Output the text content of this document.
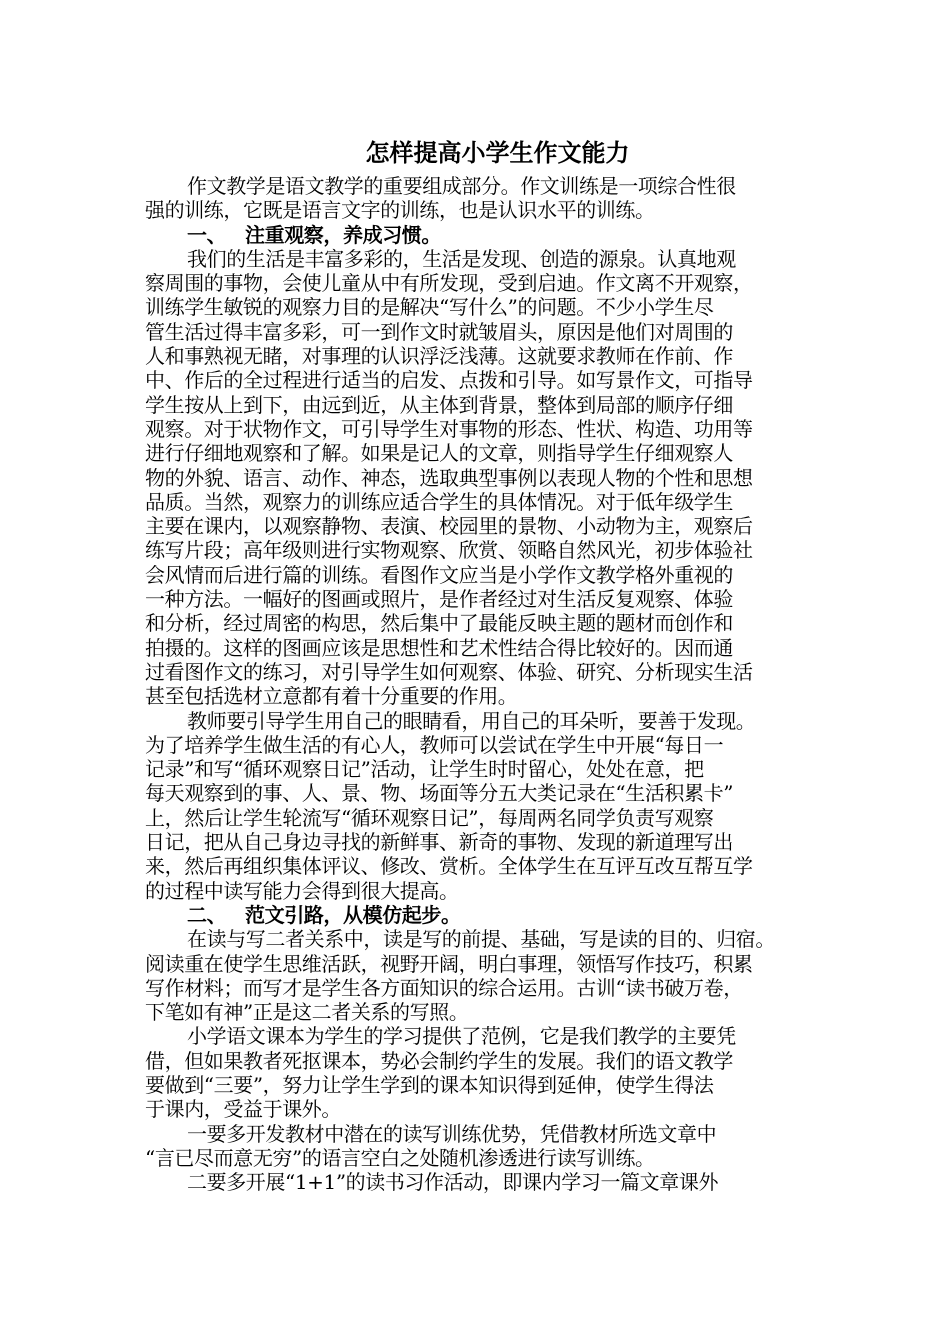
怎样提高小学生作文能力
作文教学是语文教学的重要组成部分。作文训练是一项综合性很
强的训练，它既是语言文字的训练，也是认识水平的训练。
一、 注重观察，养成习惯。
我们的生活是丰富多彩的，生活是发现、创造的源泉。认真地观
察周围的事物，会使儿童从中有所发现，受到启迪。作文离不开观察，
训练学生敏锐的观察力目的是解决“写什么”的问题。不少小学生尽
管生活过得丰富多彩，可一到作文时就皱眉头，原因是他们对周围的
人和事熟视无睹，对事理的认识浮泛浅薄。这就要求教师在作前、作
中、作后的全过程进行适当的启发、点拨和引导。如写景作文，可指导
学生按从上到下，由远到近，从主体到背景，整体到局部的顺序仔细
观察。对于状物作文，可引导学生对事物的形态、性状、构造、功用等
进行仔细地观察和了解。如果是记人的文章，则指导学生仔细观察人
物的外貌、语言、动作、神态，选取典型事例以表现人物的个性和思想
品质。当然，观察力的训练应适合学生的具体情况。对于低年级学生
主要在课内，以观察静物、表演、校园里的景物、小动物为主，观察后
练写片段；高年级则进行实物观察、欣赏、领略自然风光，初步体验社
会风情而后进行篇的训练。看图作文应当是小学作文教学格外重视的
一种方法。一幅好的图画或照片，是作者经过对生活反复观察、体验
和分析，经过周密的构思，然后集中了最能反映主题的题材而创作和
拍摄的。这样的图画应该是思想性和艺术性结合得比较好的。因而通
过看图作文的练习，对引导学生如何观察、体验、研究、分析现实生活
甚至包括选材立意都有着十分重要的作用。
教师要引导学生用自己的眼睛看，用自己的耳朵听，要善于发现。
为了培养学生做生活的有心人，教师可以尝试在学生中开展“每日一
记录”和写“循环观察日记”活动，让学生时时留心，处处在意，把
每天观察到的事、人、景、物、场面等分五大类记录在“生活积累卡”
上，然后让学生轮流写“循环观察日记”，每周两名同学负责写观察
日记，把从自己身边寻找的新鲜事、新奇的事物、发现的新道理写出
来，然后再组织集体评议、修改、赏析。全体学生在互评互改互帮互学
的过程中读写能力会得到很大提高。
二、 范文引路，从模仿起步。
在读与写二者关系中，读是写的前提、基础，写是读的目的、归宿。
阅读重在使学生思维活跃，视野开阔，明白事理，领悟写作技巧，积累
写作材料；而写才是学生各方面知识的综合运用。古训“读书破万卷，
下笔如有神”正是这二者关系的写照。
小学语文课本为学生的学习提供了范例，它是我们教学的主要凭
借，但如果教者死抠课本，势必会制约学生的发展。我们的语文教学
要做到“三要”，努力让学生学到的课本知识得到延伸，使学生得法
于课内，受益于课外。
一要多开发教材中潜在的读写训练优势，凭借教材所选文章中
“言已尽而意无穷”的语言空白之处随机渗透进行读写训练。
二要多开展“1+1”的读书习作活动，即课内学习一篇文章课外
